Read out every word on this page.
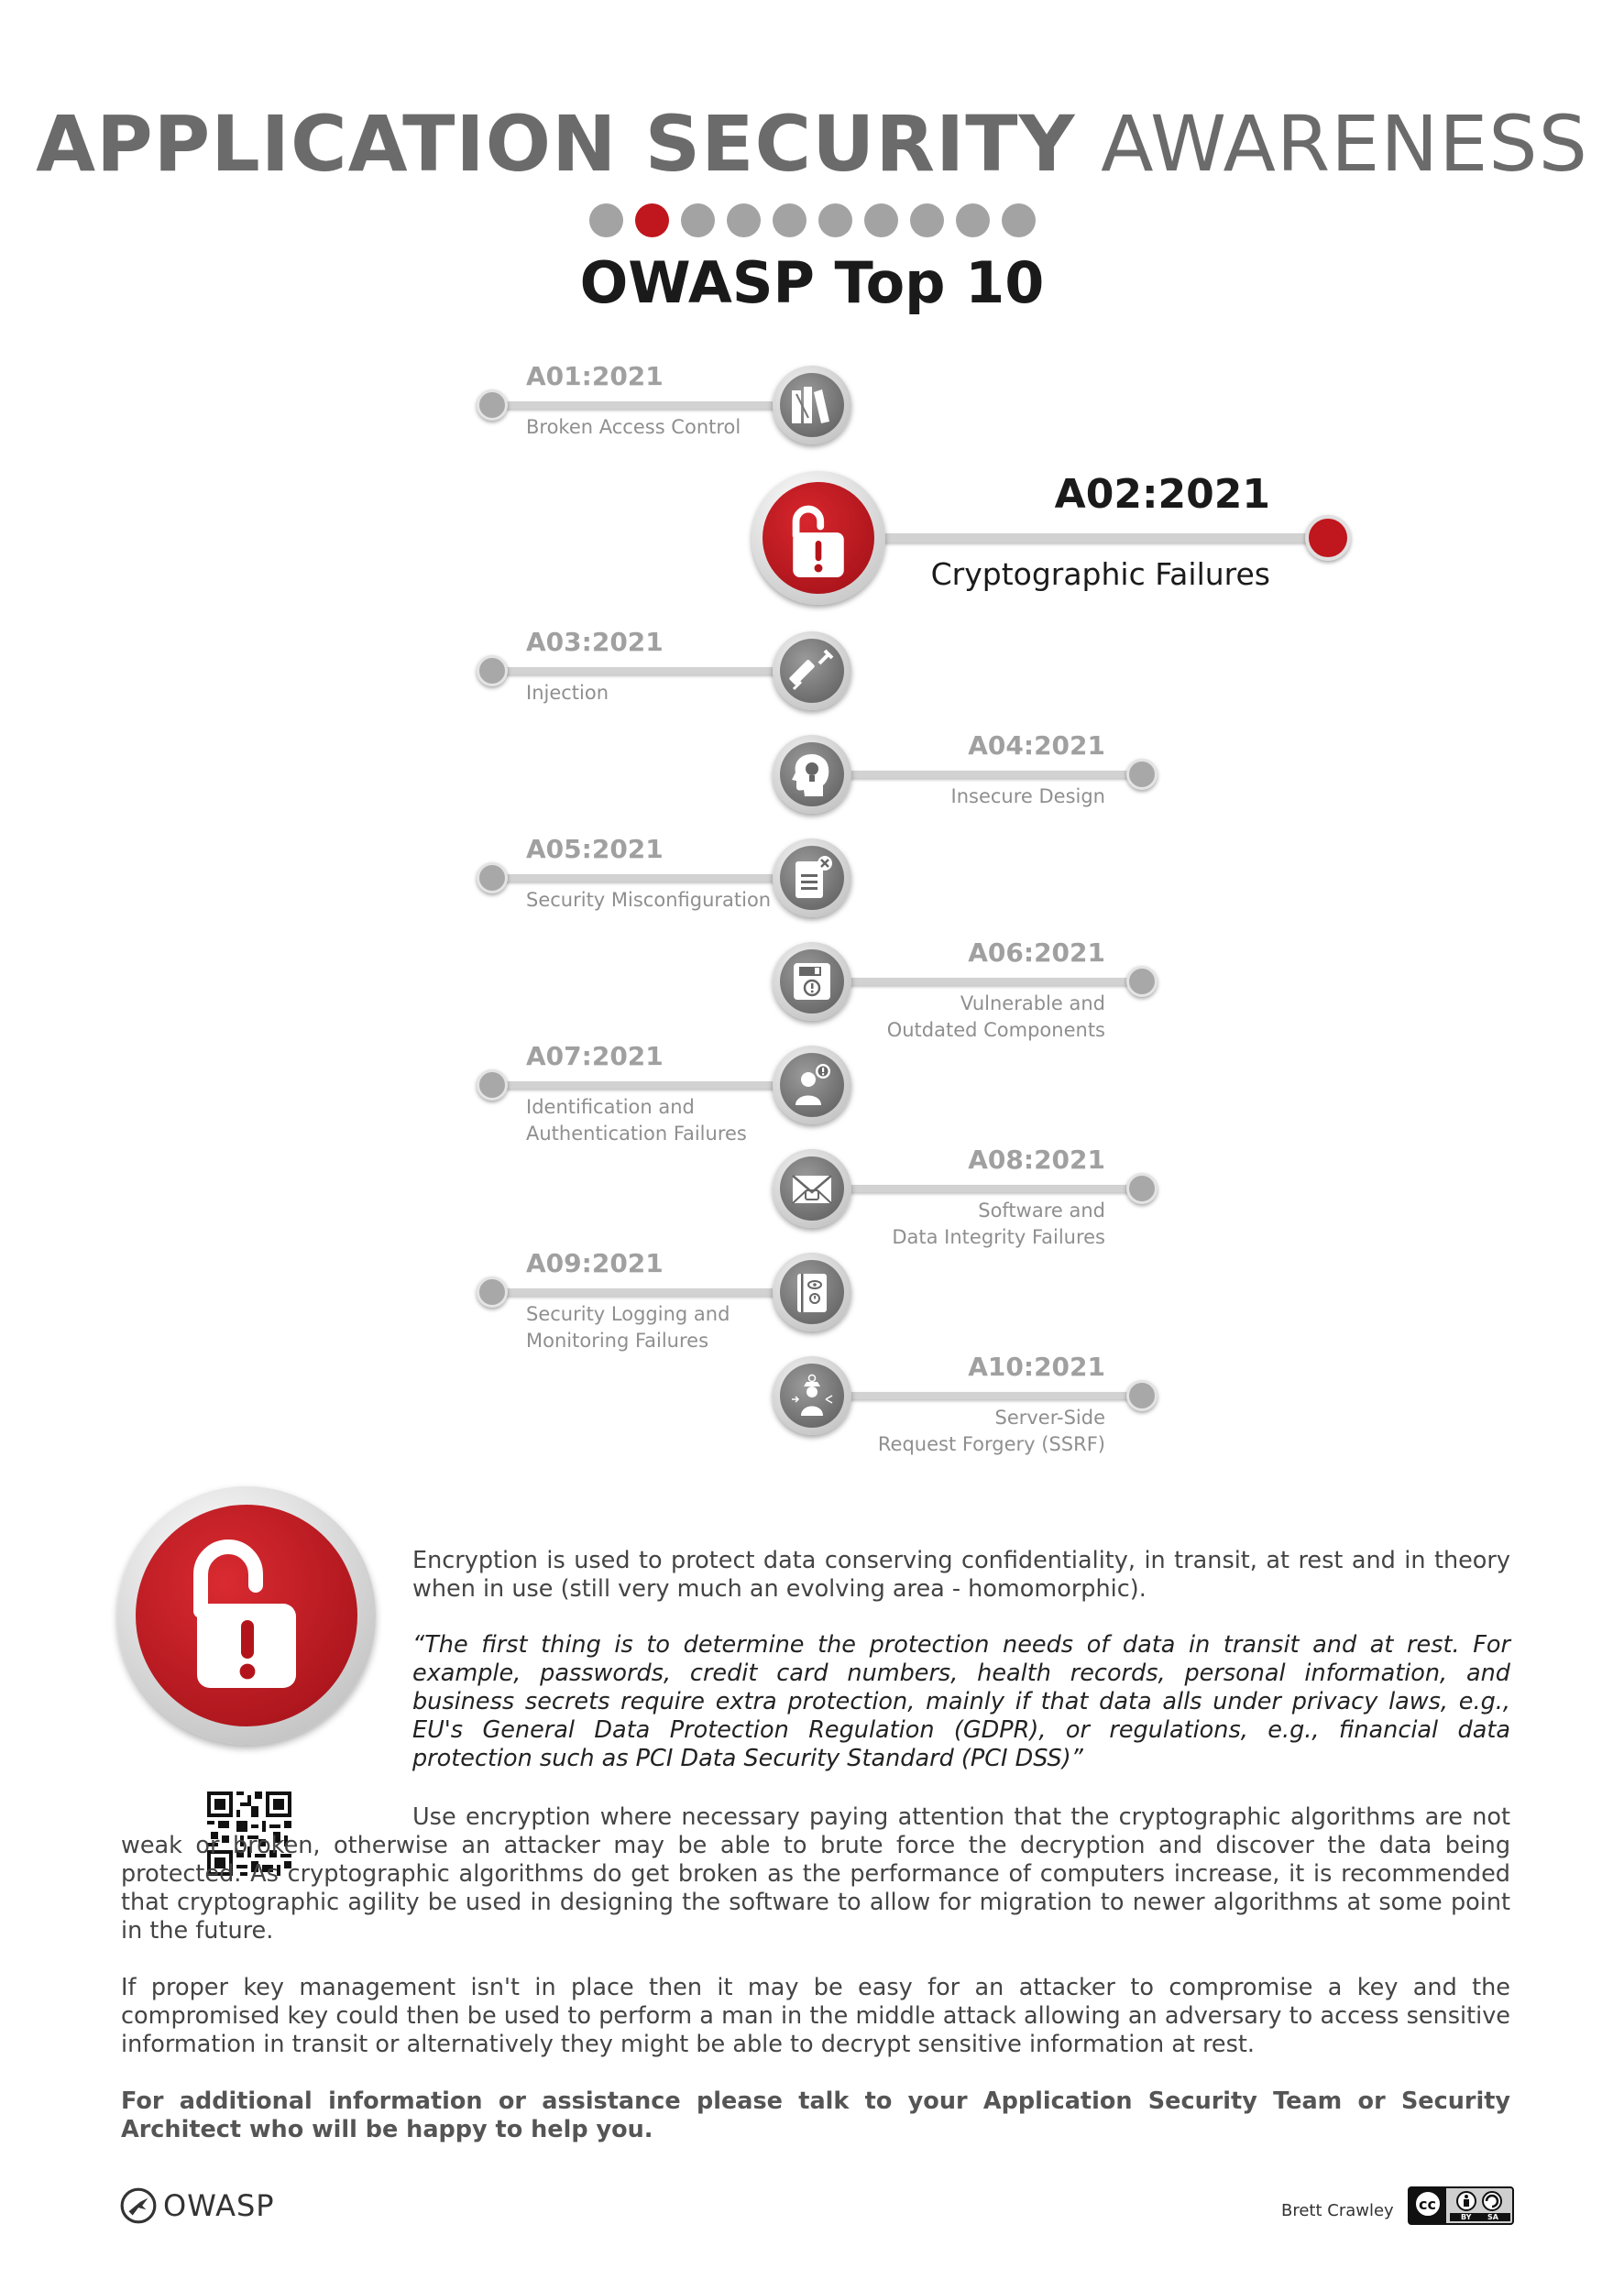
APPLICATION SECURITY AWARENESS
OWASP Top 10
A01:2021
Broken Access Control
A02:2021
Cryptographic Failures
A03:2021
Injection
A04:2021
Insecure Design
A05:2021
Security Misconfiguration
A06:2021
Vulnerable and
Outdated Components
A07:2021
Identification and
Authentication Failures
A08:2021
Software and
Data Integrity Failures
A09:2021
Security Logging and
Monitoring Failures
A10:2021
Server-Side
Request Forgery (SSRF)
Encryption is used to protect data conserving confidentiality, in transit, at rest and in theory when in use (still very much an evolving area - homomorphic).
“The first thing is to determine the protection needs of data in transit and at rest. For example, passwords, credit card numbers, health records, personal information, and business secrets require extra protection, mainly if that data alls under privacy laws, e.g., EU's General Data Protection Regulation (GDPR), or regulations, e.g., financial data protection such as PCI Data Security Standard (PCI DSS)”
Use encryption where necessary paying attention that the cryptographic algorithms are not weak or broken, otherwise an attacker may be able to brute force the decryption and discover the data being protected. As cryptographic algorithms do get broken as the performance of computers increase, it is recommended that cryptographic agility be used in designing the software to allow for migration to newer algorithms at some point in the future.
If proper key management isn't in place then it may be easy for an attacker to compromise a key and the compromised key could then be used to perform a man in the middle attack allowing an adversary to access sensitive information in transit or alternatively they might be able to decrypt sensitive information at rest.
For additional information or assistance please talk to your Application Security Team or Security Architect who will be happy to help you.
OWASP	Brett Crawley cc
BY SA
